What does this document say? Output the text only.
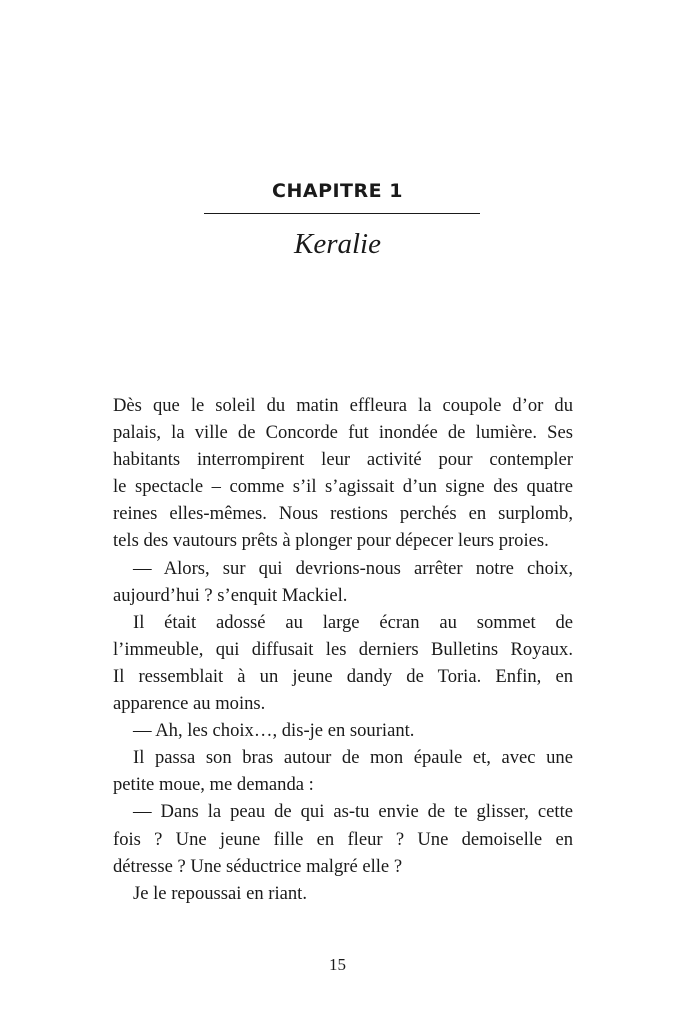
CHAPITRE 1
Keralie
Dès que le soleil du matin effleura la coupole d’or du
palais, la ville de Concorde fut inondée de lumière. Ses
habitants interrompirent leur activité pour contempler
le spectacle – comme s’il s’agissait d’un signe des quatre
reines elles-mêmes. Nous restions perchés en surplomb,
tels des vautours prêts à plonger pour dépecer leurs proies.
— Alors, sur qui devrions-nous arrêter notre choix,
aujourd’hui ? s’enquit Mackiel.
Il était adossé au large écran au sommet de
l’immeuble, qui diffusait les derniers Bulletins Royaux.
Il ressemblait à un jeune dandy de Toria. Enfin, en
apparence au moins.
— Ah, les choix…, dis-je en souriant.
Il passa son bras autour de mon épaule et, avec une
petite moue, me demanda :
— Dans la peau de qui as-tu envie de te glisser, cette
fois ? Une jeune fille en fleur ? Une demoiselle en
détresse ? Une séductrice malgré elle ?
Je le repoussai en riant.
15
